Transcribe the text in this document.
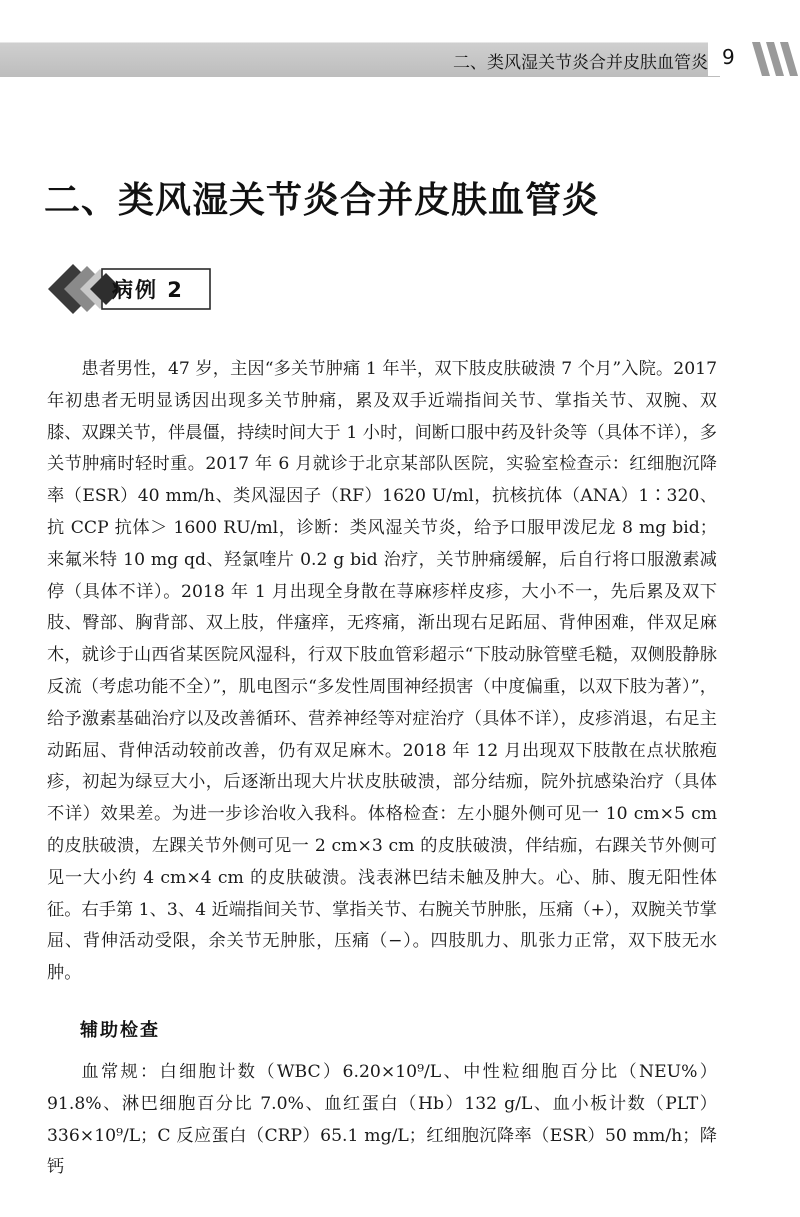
二、类风湿关节炎合并皮肤血管炎 9
二、类风湿关节炎合并皮肤血管炎
病例 2

患者男性，47 岁，主因“多关节肿痛 1 年半，双下肢皮肤破溃 7 个月”入院。2017 年初患者无明显诱因出现多关节肿痛，累及双手近端指间关节、掌指关节、双腕、双膝、双踝关节，伴晨僵，持续时间大于 1 小时，间断口服中药及针灸等（具体不详），多关节肿痛时轻时重。2017 年 6 月就诊于北京某部队医院，实验室检查示：红细胞沉降率（ESR）40 mm/h、类风湿因子（RF）1620 U/ml，抗核抗体（ANA）1∶320、抗 CCP 抗体＞ 1600 RU/ml，诊断：类风湿关节炎，给予口服甲泼尼龙 8 mg bid；来氟米特 10 mg qd、羟氯喹片 0.2 g bid 治疗，关节肿痛缓解，后自行将口服激素减停（具体不详）。2018 年 1 月出现全身散在荨麻疹样皮疹，大小不一，先后累及双下肢、臀部、胸背部、双上肢，伴瘙痒，无疼痛，渐出现右足跖屈、背伸困难，伴双足麻木，就诊于山西省某医院风湿科，行双下肢血管彩超示“下肢动脉管壁毛糙，双侧股静脉反流（考虑功能不全）”，肌电图示“多发性周围神经损害（中度偏重，以双下肢为著）”，给予激素基础治疗以及改善循环、营养神经等对症治疗（具体不详），皮疹消退，右足主动跖屈、背伸活动较前改善，仍有双足麻木。2018 年 12 月出现双下肢散在点状脓疱疹，初起为绿豆大小，后逐渐出现大片状皮肤破溃，部分结痂，院外抗感染治疗（具体不详）效果差。为进一步诊治收入我科。体格检查：左小腿外侧可见一 10 cm×5 cm 的皮肤破溃，左踝关节外侧可见一 2 cm×3 cm 的皮肤破溃，伴结痂，右踝关节外侧可见一大小约 4 cm×4 cm 的皮肤破溃。浅表淋巴结未触及肿大。心、肺、腹无阳性体征。右手第 1、3、4 近端指间关节、掌指关节、右腕关节肿胀，压痛（+），双腕关节掌屈、背伸活动受限，余关节无肿胀，压痛（−）。四肢肌力、肌张力正常，双下肢无水肿。

辅助检查

血常规：白细胞计数（WBC）6.20×10⁹/L、中性粒细胞百分比（NEU%）91.8%、淋巴细胞百分比 7.0%、血红蛋白（Hb）132 g/L、血小板计数（PLT）336×10⁹/L；C 反应蛋白（CRP）65.1 mg/L；红细胞沉降率（ESR）50 mm/h；降钙
